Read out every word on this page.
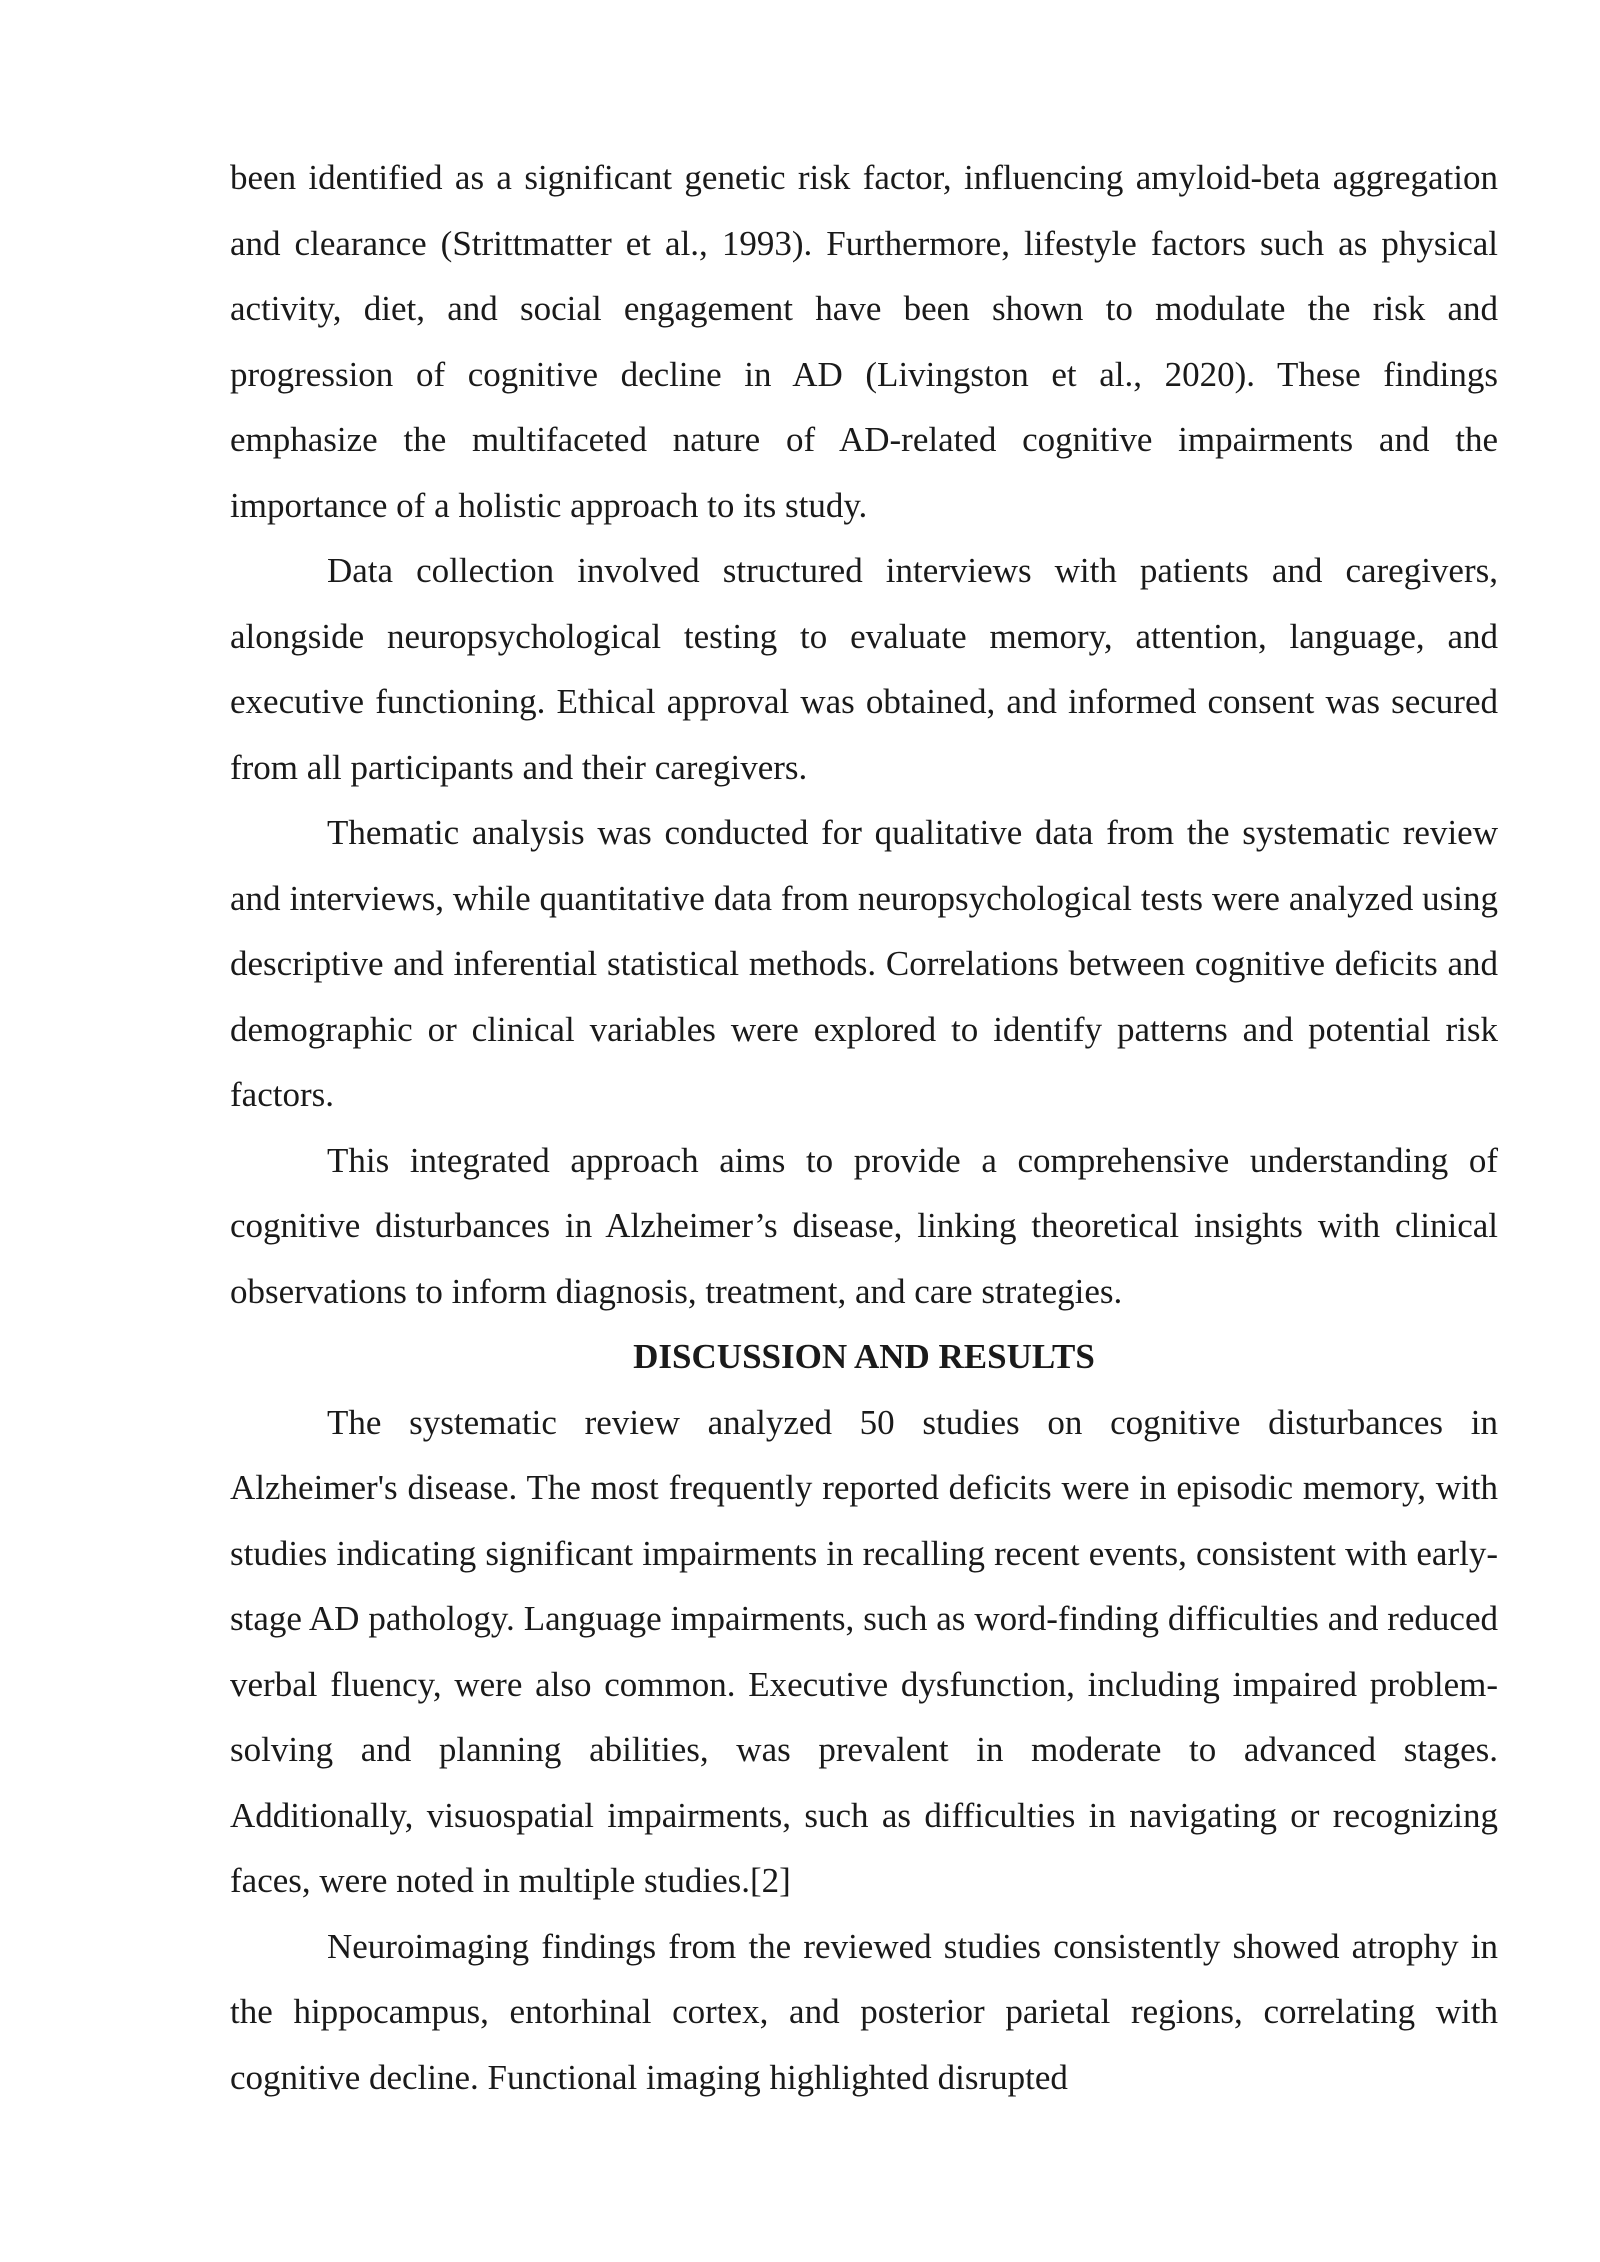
been identified as a significant genetic risk factor, influencing amyloid-beta aggregation and clearance (Strittmatter et al., 1993). Furthermore, lifestyle factors such as physical activity, diet, and social engagement have been shown to modulate the risk and progression of cognitive decline in AD (Livingston et al., 2020). These findings emphasize the multifaceted nature of AD-related cognitive impairments and the importance of a holistic approach to its study.

Data collection involved structured interviews with patients and caregivers, alongside neuropsychological testing to evaluate memory, attention, language, and executive functioning. Ethical approval was obtained, and informed consent was secured from all participants and their caregivers.

Thematic analysis was conducted for qualitative data from the systematic review and interviews, while quantitative data from neuropsychological tests were analyzed using descriptive and inferential statistical methods. Correlations between cognitive deficits and demographic or clinical variables were explored to identify patterns and potential risk factors.

This integrated approach aims to provide a comprehensive understanding of cognitive disturbances in Alzheimer’s disease, linking theoretical insights with clinical observations to inform diagnosis, treatment, and care strategies.

DISCUSSION AND RESULTS

The systematic review analyzed 50 studies on cognitive disturbances in Alzheimer's disease. The most frequently reported deficits were in episodic memory, with studies indicating significant impairments in recalling recent events, consistent with early-stage AD pathology. Language impairments, such as word-finding difficulties and reduced verbal fluency, were also common. Executive dysfunction, including impaired problem-solving and planning abilities, was prevalent in moderate to advanced stages. Additionally, visuospatial impairments, such as difficulties in navigating or recognizing faces, were noted in multiple studies.[2]

Neuroimaging findings from the reviewed studies consistently showed atrophy in the hippocampus, entorhinal cortex, and posterior parietal regions, correlating with cognitive decline. Functional imaging highlighted disrupted
